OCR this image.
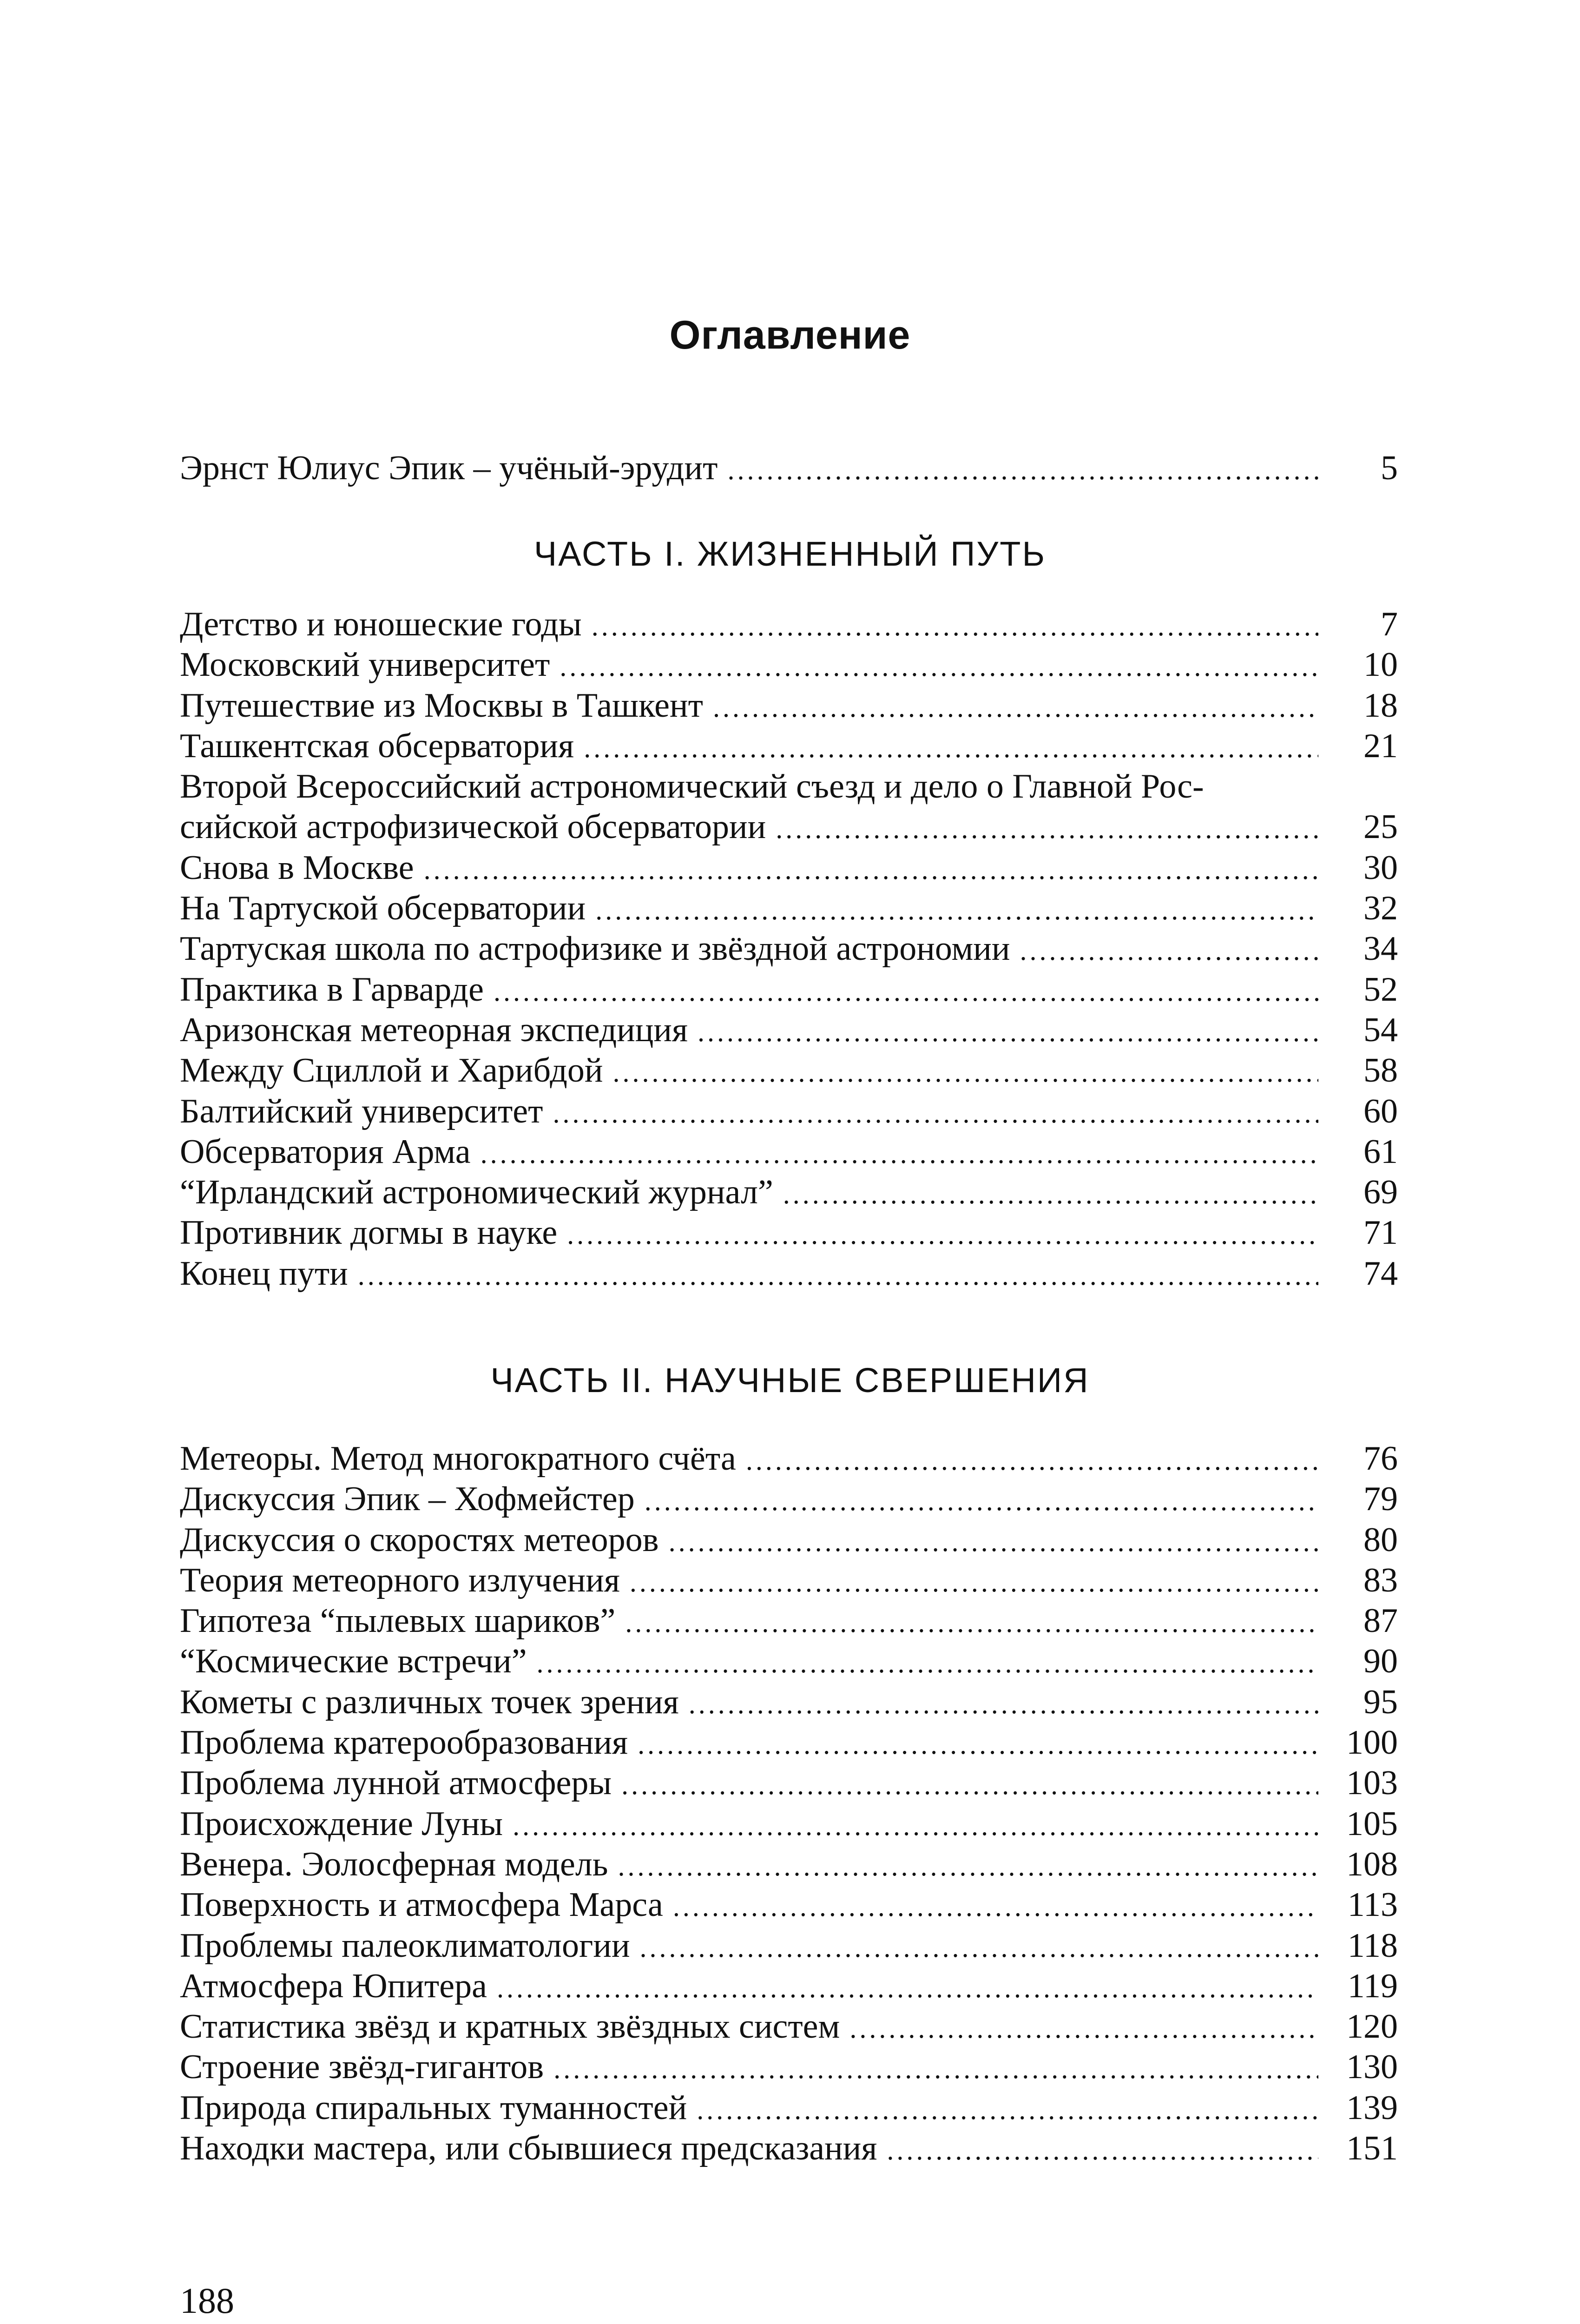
Оглавление
Эрнст Юлиус Эпик – учёный-эрудит .....	5
ЧАСТЬ I. ЖИЗНЕННЫЙ ПУТЬ
Детство и юношеские годы .....	7
Московский университет .....	10
Путешествие из Москвы в Ташкент .....	18
Ташкентская обсерватория .....	21
Второй Всероссийский астрономический съезд и дело о Главной Рос-
сийской астрофизической обсерватории .....	25
Снова в Москве .....	30
На Тартуской обсерватории .....	32
Тартуская школа по астрофизике и звёздной астрономии .....	34
Практика в Гарварде .....	52
Аризонская метеорная экспедиция .....	54
Между Сциллой и Харибдой .....	58
Балтийский университет .....	60
Обсерватория Арма .....	61
“Ирландский астрономический журнал” .....	69
Противник догмы в науке .....	71
Конец пути .....	74
ЧАСТЬ II. НАУЧНЫЕ СВЕРШЕНИЯ
Метеоры. Метод многократного счёта .....	76
Дискуссия Эпик – Хофмейстер .....	79
Дискуссия о скоростях метеоров .....	80
Теория метеорного излучения .....	83
Гипотеза “пылевых шариков” .....	87
“Космические встречи” .....	90
Кометы с различных точек зрения .....	95
Проблема кратерообразования .....	100
Проблема лунной атмосферы .....	103
Происхождение Луны .....	105
Венера. Эолосферная модель .....	108
Поверхность и атмосфера Марса .....	113
Проблемы палеоклиматологии .....	118
Атмосфера Юпитера .....	119
Статистика звёзд и кратных звёздных систем .....	120
Строение звёзд-гигантов .....	130
Природа спиральных туманностей .....	139
Находки мастера, или сбывшиеся предсказания .....	151
188
